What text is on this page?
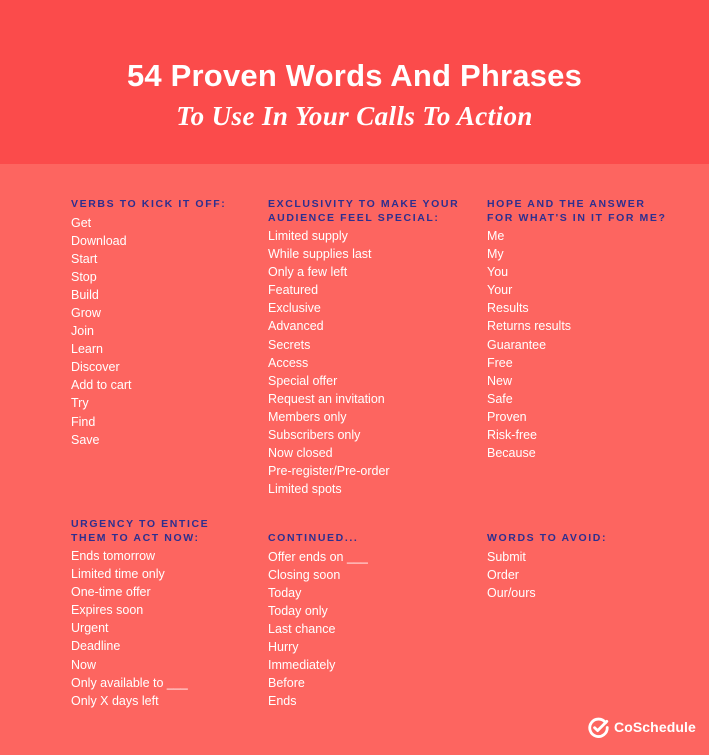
54 Proven Words And Phrases
To Use In Your Calls To Action
VERBS TO KICK IT OFF:
Get
Download
Start
Stop
Build
Grow
Join
Learn
Discover
Add to cart
Try
Find
Save
EXCLUSIVITY TO MAKE YOUR
AUDIENCE FEEL SPECIAL:
Limited supply
While supplies last
Only a few left
Featured
Exclusive
Advanced
Secrets
Access
Special offer
Request an invitation
Members only
Subscribers only
Now closed
Pre-register/Pre-order
Limited spots
HOPE AND THE ANSWER
FOR WHAT'S IN IT FOR ME?
Me
My
You
Your
Results
Returns results
Guarantee
Free
New
Safe
Proven
Risk-free
Because
URGENCY TO ENTICE
THEM TO ACT NOW:
Ends tomorrow
Limited time only
One-time offer
Expires soon
Urgent
Deadline
Now
Only available to ___
Only X days left
CONTINUED...
Offer ends on ___
Closing soon
Today
Today only
Last chance
Hurry
Immediately
Before
Ends
WORDS TO AVOID:
Submit
Order
Our/ours
CoSchedule
